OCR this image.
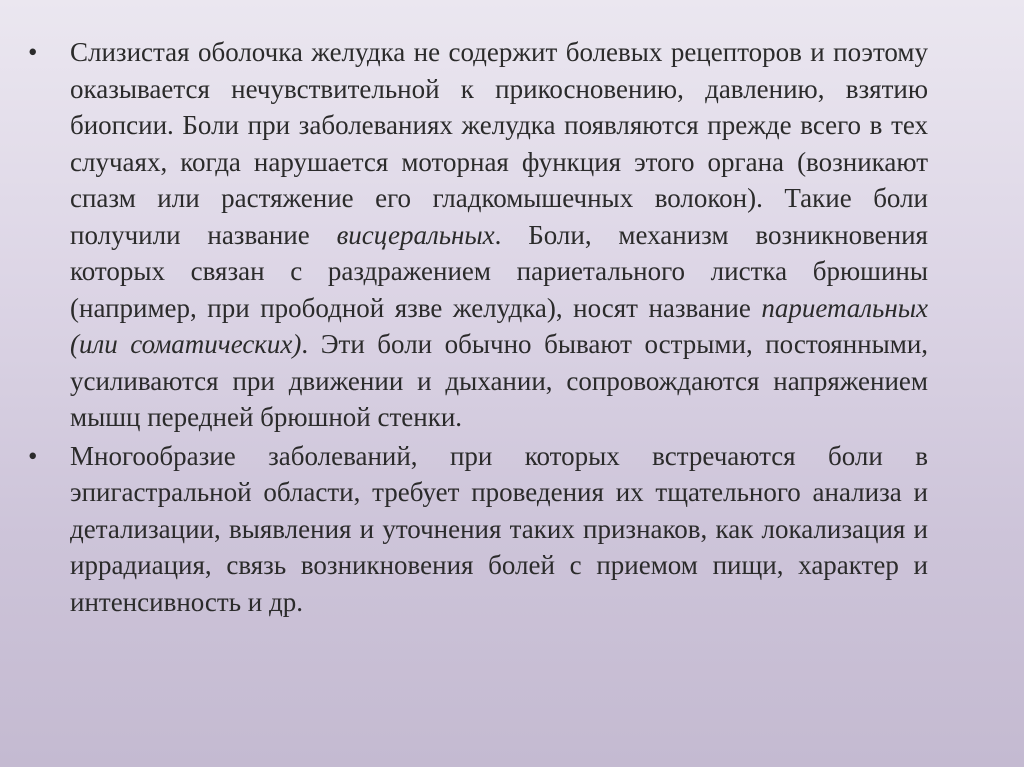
•	Слизистая оболочка желудка не содержит болевых рецепторов и поэтому оказывается нечувствительной к прикосновению, давлению, взятию биопсии. Боли при заболеваниях желудка появляются прежде всего в тех случаях, когда нарушается моторная функция этого органа (возникают спазм или растяжение его гладкомышечных волокон). Такие боли получили название висцеральных. Боли, механизм возникновения которых связан с раздражением париетального листка брюшины (например, при прободной язве желудка), носят название париетальных (или соматических). Эти боли обычно бывают острыми, постоянными, усиливаются при движении и дыхании, сопровождаются напряжением мышц передней брюшной стенки.
•	Многообразие заболеваний, при которых встречаются боли в эпигастральной области, требует проведения их тщательного анализа и детализации, выявления и уточнения таких признаков, как локализация и иррадиация, связь возникновения болей с приемом пищи, характер и интенсивность и др.
